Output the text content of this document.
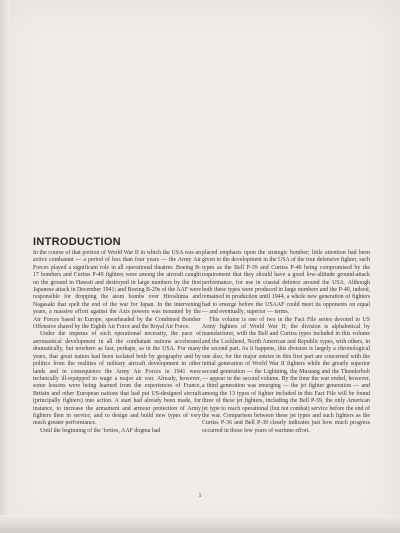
INTRODUCTION

In the course of that portion of World War II in which the USA was an active combatant — a period of less than four years — the Army Air Forces played a significant role in all operational theatres. Boeing B-17 bombers and Curtiss P-40 fighters were among the aircraft caught on the ground in Hawaii and destroyed in large numbers by the first Japanese attack in December 1941; and Boeing B-29s of the AAF were responsible for dropping the atom bombs over Hiroshima and Nagasaki that spelt the end of the war for Japan. In the intervening years, a massive effort against the Axis powers was mounted by the Air Forces based in Europe, spearheaded by the Combined Bomber Offensive shared by the Eighth Air Force and the Royal Air Force.

Under the impetus of such operational necessity, the pace of aeronautical development in all the combatant nations accelerated dramatically, but nowhere as fast, perhaps, as in the USA. For many years, that great nation had been isolated both by geography and by politics from the realities of military aircraft development in other lands and in consequence the Army Air Forces in 1941 were technically ill-equipped to wage a major air war. Already, however, some lessons were being learned from the experiences of France, Britain and other European nations that had put US-designed aircraft (principally fighters) into action. A start had already been made, for instance, to increase the armament and armour protection of Army fighters then in service, and to design and build new types of very much greater performance.

Until the beginning of the 'forties, AAF dogma had

placed emphasis upon the strategic bomber; little attention had been given to the development in the USA of the true defensive fighter, such types as the Bell P-39 and Curtiss P-40 being compromised by the requirement that they should have a good low-altitude ground-attack performance, for use in coastal defence around the USA. Although both these types were produced in large numbers and the P-40, indeed, remained in production until 1944, a whole new generation of fighters had to emerge before the USAAF could meet its opponents on equal — and eventually, superior — terms.

This volume is one of two in the Fact File series devoted to US Army fighters of World War II; the division is alphabetical by manufacturer, with the Bell and Curtiss types included in this volume and the Lockheed, North American and Republic types, with others, in the second part. As it happens, this division is largely a chronological one also, for the major entries in this first part are concerned with the initial generation of World War II fighters while the greatly superior second generation — the Lightning, the Mustang and the Thunderbolt — appear in the second volume. By the time the war ended, however, a third generation was emerging — the jet fighter generation — and among the 13 types of fighter included in this Fact File will be found three of these jet fighters, including the Bell P-59, the only American jet type to reach operational (but not combat) service before the end of the war. Comparison between these jet types and such fighters as the Curtiss P-36 and Bell P-39 clearly indicates just how much progress occurred in those few years of wartime effort.

1
